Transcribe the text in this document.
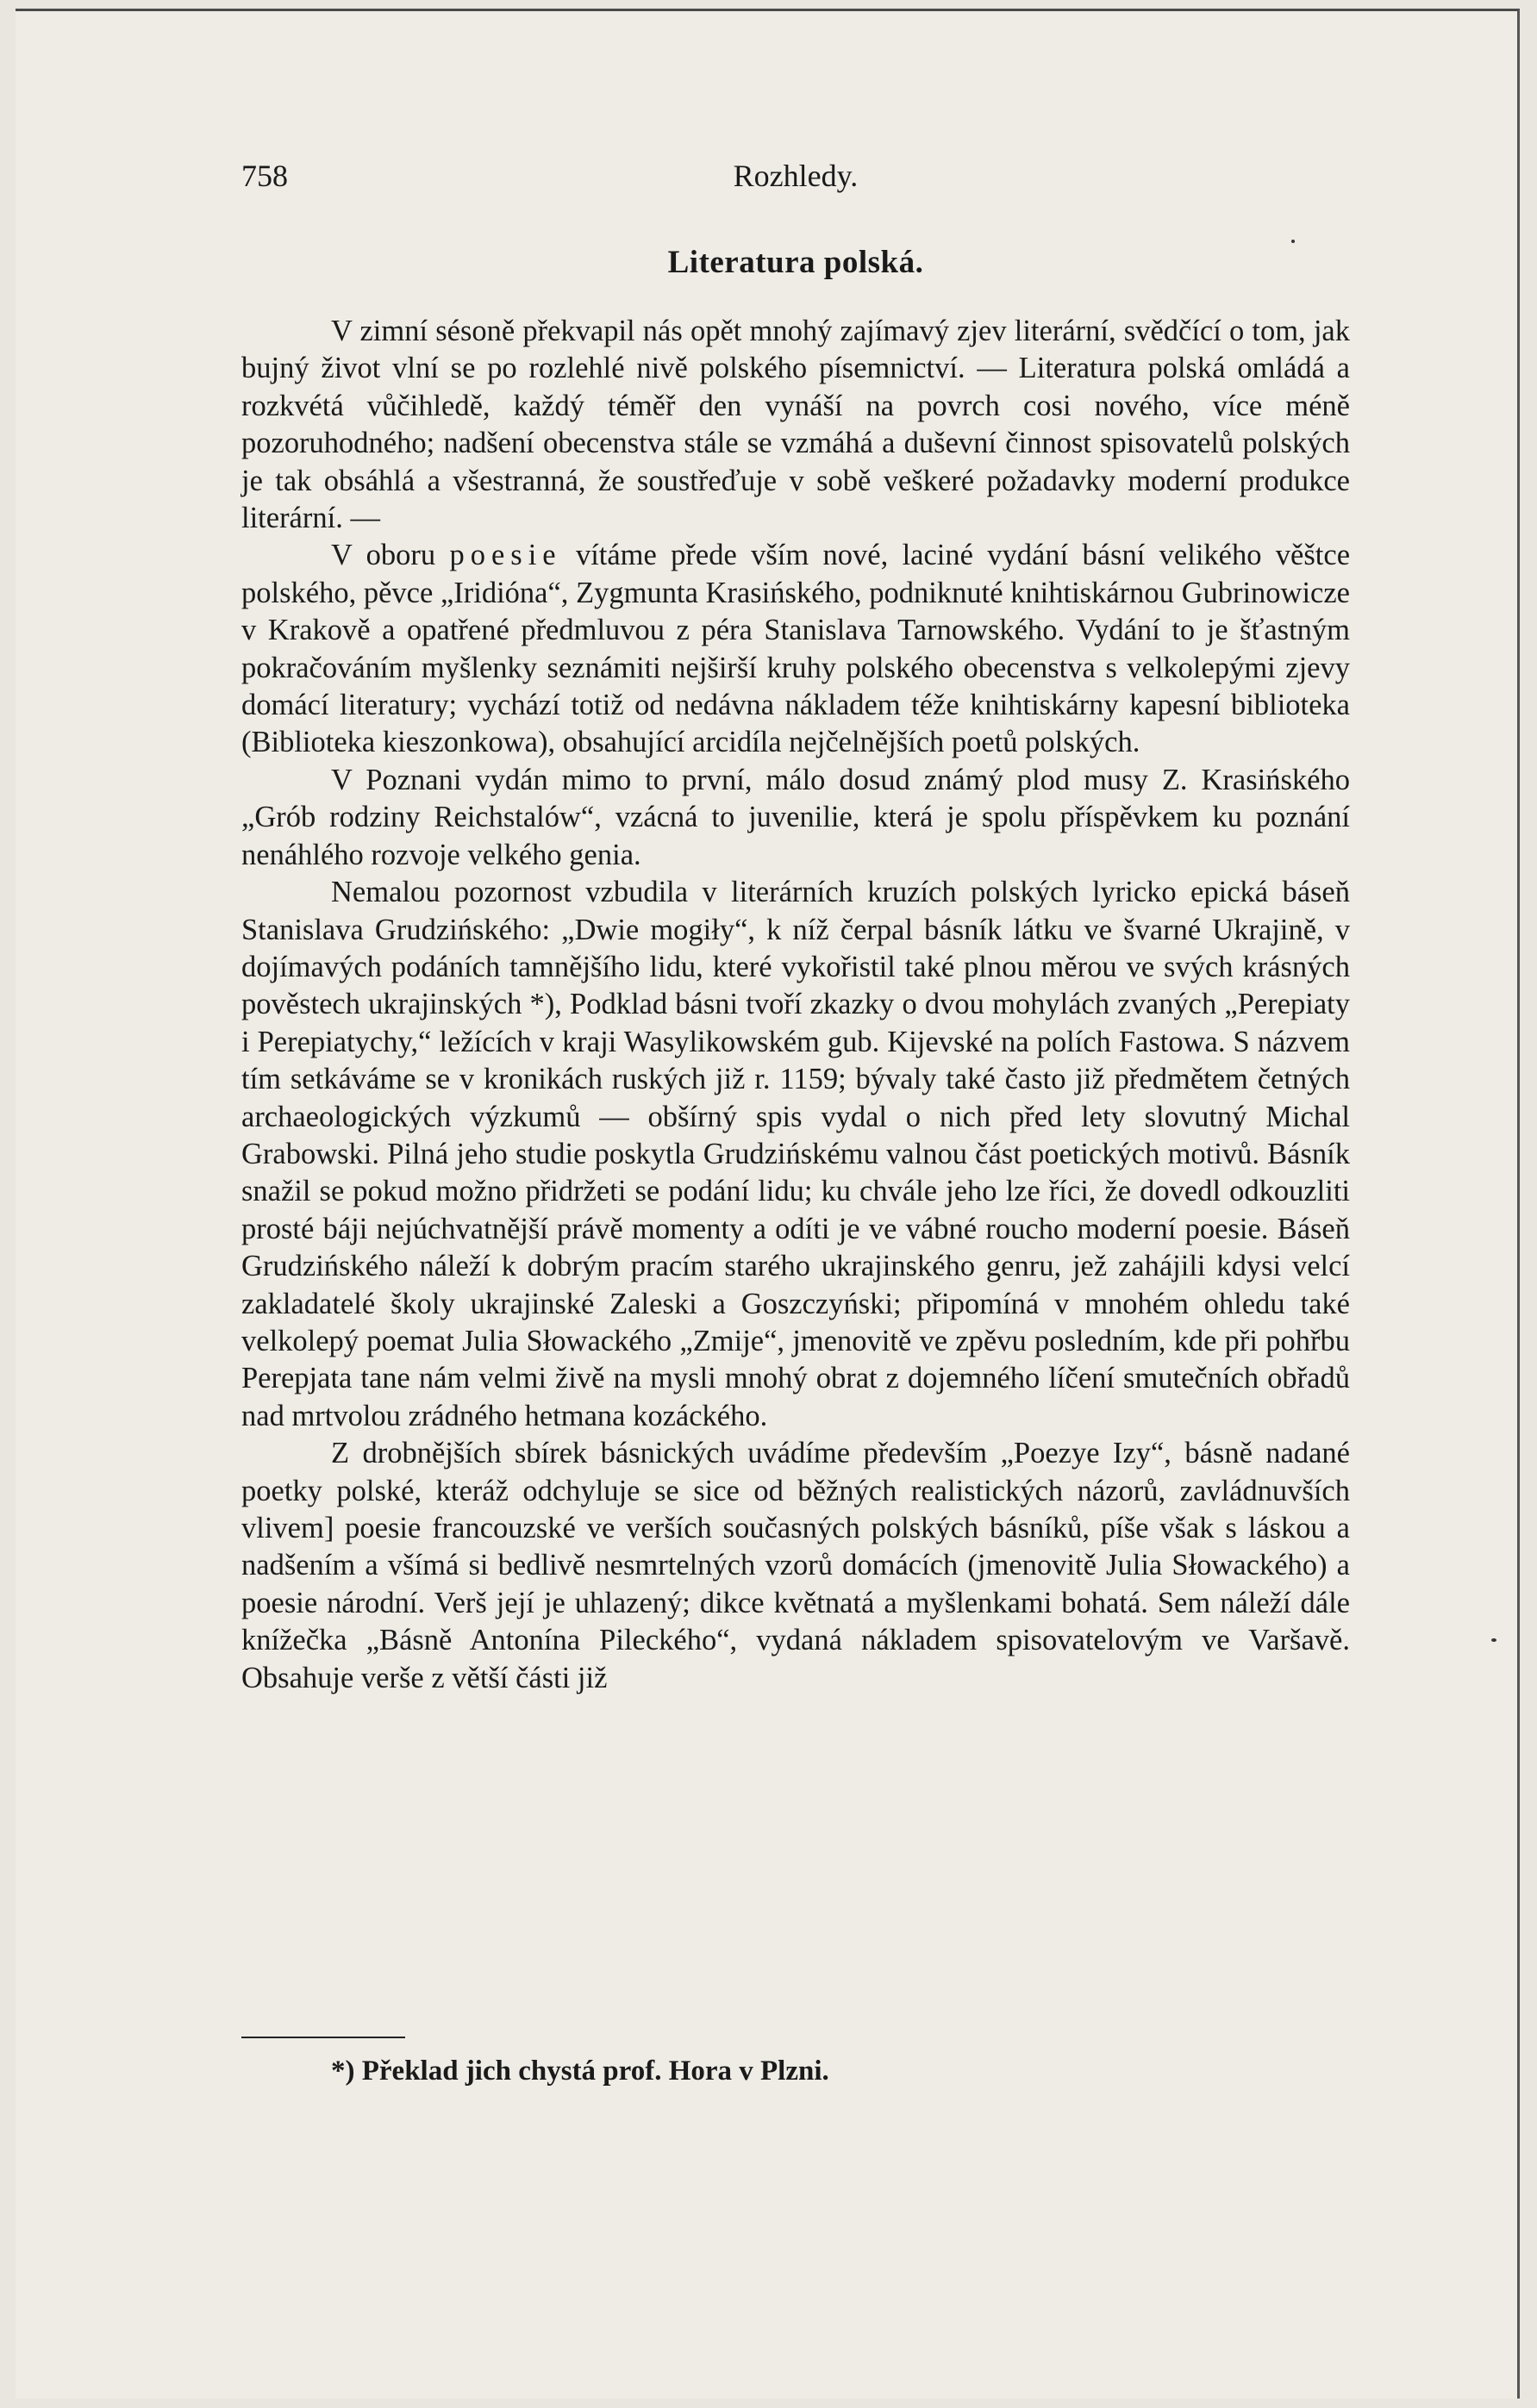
758	Rozhledy.
Literatura polská.

V zimní sésoně překvapil nás opět mnohý zajímavý zjev literární, svědčící o tom, jak bujný život vlní se po rozlehlé nivě polského písemnictví. — Literatura polská omládá a rozkvétá vůčihledě, každý téměř den vynáší na povrch cosi nového, více méně pozoruhodného; nadšení obecenstva stále se vzmáhá a duševní činnost spisovatelů polských je tak obsáhlá a všestranná, že soustřeďuje v sobě veškeré požadavky moderní produkce literární. —

V oboru poesie vítáme přede vším nové, laciné vydání básní velikého věštce polského, pěvce „Iridióna“, Zygmunta Krasińského, podniknuté knihtiskárnou Gubrinowicze v Krakově a opatřené předmluvou z péra Stanislava Tarnowského. Vydání to je šťastným pokračováním myšlenky seznámiti nejširší kruhy polského obecenstva s velkolepými zjevy domácí literatury; vychází totiž od nedávna nákladem téže knihtiskárny kapesní biblioteka (Biblioteka kieszonkowa), obsahující arcidíla nejčelnějších poetů polských.

V Poznani vydán mimo to první, málo dosud známý plod musy Z. Krasińského „Grób rodziny Reichstalów“, vzácná to juvenilie, která je spolu příspěvkem ku poznání nenáhlého rozvoje velkého genia.

Nemalou pozornost vzbudila v literárních kruzích polských lyricko epická báseň Stanislava Grudzińského: „Dwie mogiły“, k níž čerpal básník látku ve švarné Ukrajině, v dojímavých podáních tamnějšího lidu, které vykořistil také plnou měrou ve svých krásných pověstech ukrajinských *), Podklad básni tvoří zkazky o dvou mohylách zvaných „Perepiaty i Perepiatychy,“ ležících v kraji Wasylikowském gub. Kijevské na polích Fastowa. S názvem tím setkáváme se v kronikách ruských již r. 1159; bývaly také často již předmětem četných archaeologických výzkumů — obšírný spis vydal o nich před lety slovutný Michal Grabowski. Pilná jeho studie poskytla Grudzińskému valnou část poetických motivů. Básník snažil se pokud možno přidržeti se podání lidu; ku chvále jeho lze říci, že dovedl odkouzliti prosté báji nejúchvatnější právě momenty a odíti je ve vábné roucho moderní poesie. Báseň Grudzińského náleží k dobrým pracím starého ukrajinského genru, jež zahájili kdysi velcí zakladatelé školy ukrajinské Zaleski a Goszczyński; připomíná v mnohém ohledu také velkolepý poemat Julia Słowackého „Zmije“, jmenovitě ve zpěvu posledním, kde při pohřbu Perepjata tane nám velmi živě na mysli mnohý obrat z dojemného líčení smutečních obřadů nad mrtvolou zrádného hetmana kozáckého.

Z drobnějších sbírek básnických uvádíme především „Poezye Izy“, básně nadané poetky polské, kteráž odchyluje se sice od běžných realistických názorů, zavládnuvších vlivem] poesie francouzské ve verších současných polských básníků, píše však s láskou a nadšením a všímá si bedlivě nesmrtelných vzorů domácích (jmenovitě Julia Słowackého) a poesie národní. Verš její je uhlazený; dikce květnatá a myšlenkami bohatá. Sem náleží dále knížečka „Básně Antonína Pileckého“, vydaná nákladem spisovatelovým ve Varšavě. Obsahuje verše z větší části již

*) Překlad jich chystá prof. Hora v Plzni.
